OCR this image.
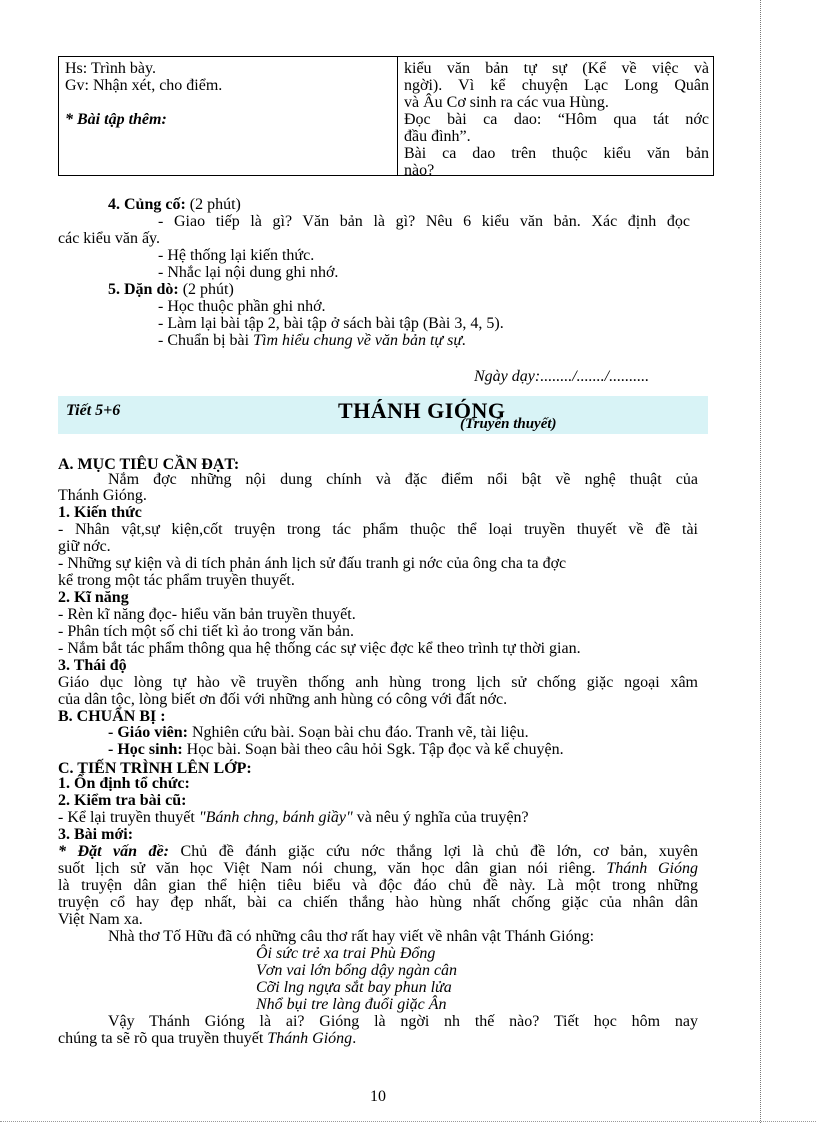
Hs: Trình bày.
Gv: Nhận xét, cho điểm.
* Bài tập thêm:
kiểu văn bản tự sự (Kể về việc và
ngời). Vì kể chuyện Lạc Long Quân
và Âu Cơ sinh ra các vua Hùng.
Đọc bài ca dao: “Hôm qua tát nớc
đầu đình”.
Bài ca dao trên thuộc kiểu văn bản
nào?
4. Củng cố: (2 phút)
- Giao tiếp là gì? Văn bản là gì? Nêu 6 kiểu văn bản. Xác định đọc
các kiểu văn ấy.
- Hệ thống lại kiến thức.
- Nhắc lại nội dung ghi nhớ.
5. Dặn dò: (2 phút)
- Học thuộc phần ghi nhớ.
- Làm lại bài tập 2, bài tập ở sách bài tập (Bài 3, 4, 5).
- Chuẩn bị bài Tìm hiểu chung về văn bản tự sự.
Ngày dạy:......../......./..........
Tiết 5+6	THÁNH GIÓNG
(Truyền thuyết)
A. MỤC TIÊU CẦN ĐẠT:
Nắm đợc những nội dung chính và đặc điểm nổi bật về nghệ thuật của
Thánh Gióng.
1. Kiến thức
- Nhân vật,sự kiện,cốt truyện trong tác phẩm thuộc thể loại truyền thuyết về đề tài
giữ nớc.
- Những sự kiện và di tích phản ánh lịch sử đấu tranh gi nớc của ông cha ta đợc
kể trong một tác phẩm truyền thuyết.
2. Kĩ năng
- Rèn kĩ năng đọc- hiểu văn bản truyền thuyết.
- Phân tích một số chi tiết kì ảo trong văn bản.
- Nắm bắt tác phẩm thông qua hệ thống các sự việc đợc kể theo trình tự thời gian.
3. Thái độ
Giáo dục lòng tự hào về truyền thống anh hùng trong lịch sử chống giặc ngoại xâm
của dân tộc, lòng biết ơn đối với những anh hùng có công với đất nớc.
B. CHUẨN BỊ :
- Giáo viên: Nghiên cứu bài. Soạn bài chu đáo. Tranh vẽ, tài liệu.
- Học sinh: Học bài. Soạn bài theo câu hỏi Sgk. Tập đọc và kể chuyện.
C. TIẾN TRÌNH LÊN LỚP:
1. Ổn định tổ chức:
2. Kiểm tra bài cũ:
- Kể lại truyền thuyết "Bánh chng, bánh giầy" và nêu ý nghĩa của truyện?
3. Bài mới:
* Đặt vấn đề: Chủ đề đánh giặc cứu nớc thắng lợi là chủ đề lớn, cơ bản, xuyên
suốt lịch sử văn học Việt Nam nói chung, văn học dân gian nói riêng. Thánh Gióng
là truyện dân gian thể hiện tiêu biểu và độc đáo chủ đề này. Là một trong những
truyện cổ hay đẹp nhất, bài ca chiến thắng hào hùng nhất chống giặc của nhân dân
Việt Nam xa.
Nhà thơ Tố Hữu đã có những câu thơ rất hay viết về nhân vật Thánh Gióng:
Ôi sức trẻ xa trai Phù Đổng
Vơn vai lớn bổng dậy ngàn cân
Cỡi lng ngựa sắt bay phun lửa
Nhổ bụi tre làng đuổi giặc Ân
Vậy Thánh Gióng là ai? Gióng là ngời nh thế nào? Tiết học hôm nay
chúng ta sẽ rõ qua truyền thuyết Thánh Gióng.
10
